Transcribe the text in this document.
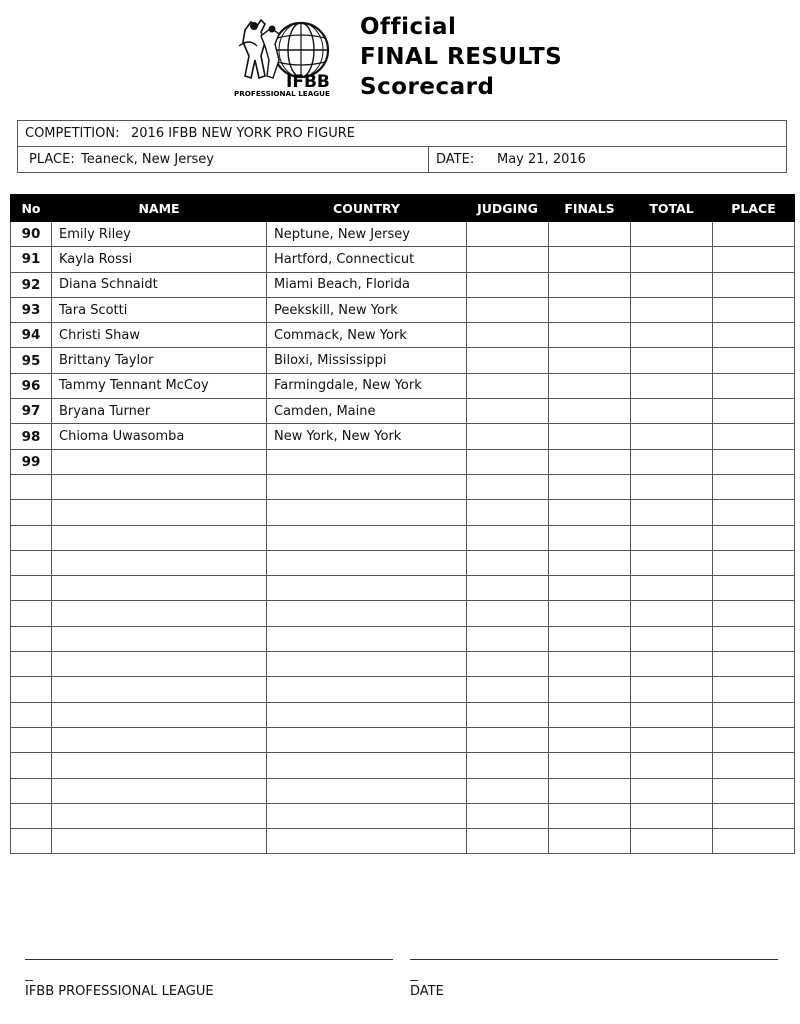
IFBB
PROFESSIONAL LEAGUE
Official
FINAL RESULTS
Scorecard
COMPETITION: 2016 IFBB NEW YORK PRO FIGURE
PLACE: Teaneck, New Jersey	DATE: May 21, 2016
No	NAME	COUNTRY	JUDGING	FINALS	TOTAL	PLACE
90	Emily Riley	Neptune, New Jersey				
91	Kayla Rossi	Hartford, Connecticut				
92	Diana Schnaidt	Miami Beach, Florida				
93	Tara Scotti	Peekskill, New York				
94	Christi Shaw	Commack, New York				
95	Brittany Taylor	Biloxi, Mississippi				
96	Tammy Tennant McCoy	Farmingdale, New York				
97	Bryana Turner	Camden, Maine				
98	Chioma Uwasomba	New York, New York				
99						

IFBB PROFESSIONAL LEAGUE	DATE
